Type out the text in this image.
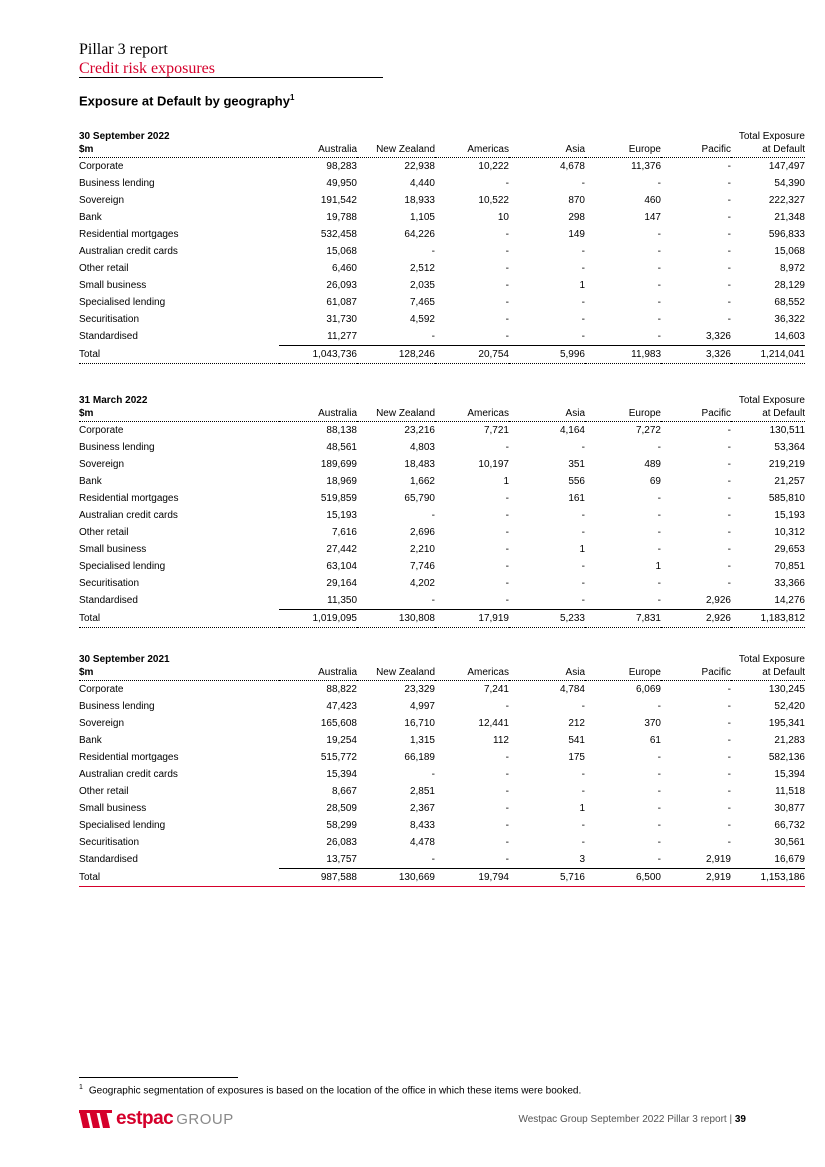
Pillar 3 report
Credit risk exposures
Exposure at Default by geography$^1$
30 September 2022							Total Exposure
$m	Australia	New Zealand	Americas	Asia	Europe	Pacific	at Default
Corporate	98,283	22,938	10,222	4,678	11,376	-	147,497
Business lending	49,950	4,440	-	-	-	-	54,390
Sovereign	191,542	18,933	10,522	870	460	-	222,327
Bank	19,788	1,105	10	298	147	-	21,348
Residential mortgages	532,458	64,226	-	149	-	-	596,833
Australian credit cards	15,068	-	-	-	-	-	15,068
Other retail	6,460	2,512	-	-	-	-	8,972
Small business	26,093	2,035	-	1	-	-	28,129
Specialised lending	61,087	7,465	-	-	-	-	68,552
Securitisation	31,730	4,592	-	-	-	-	36,322
Standardised	11,277	-	-	-	-	3,326	14,603
Total	1,043,736	128,246	20,754	5,996	11,983	3,326	1,214,041
31 March 2022							Total Exposure
$m	Australia	New Zealand	Americas	Asia	Europe	Pacific	at Default
Corporate	88,138	23,216	7,721	4,164	7,272	-	130,511
Business lending	48,561	4,803	-	-	-	-	53,364
Sovereign	189,699	18,483	10,197	351	489	-	219,219
Bank	18,969	1,662	1	556	69	-	21,257
Residential mortgages	519,859	65,790	-	161	-	-	585,810
Australian credit cards	15,193	-	-	-	-	-	15,193
Other retail	7,616	2,696	-	-	-	-	10,312
Small business	27,442	2,210	-	1	-	-	29,653
Specialised lending	63,104	7,746	-	-	1	-	70,851
Securitisation	29,164	4,202	-	-	-	-	33,366
Standardised	11,350	-	-	-	-	2,926	14,276
Total	1,019,095	130,808	17,919	5,233	7,831	2,926	1,183,812
30 September 2021							Total Exposure
$m	Australia	New Zealand	Americas	Asia	Europe	Pacific	at Default
Corporate	88,822	23,329	7,241	4,784	6,069	-	130,245
Business lending	47,423	4,997	-	-	-	-	52,420
Sovereign	165,608	16,710	12,441	212	370	-	195,341
Bank	19,254	1,315	112	541	61	-	21,283
Residential mortgages	515,772	66,189	-	175	-	-	582,136
Australian credit cards	15,394	-	-	-	-	-	15,394
Other retail	8,667	2,851	-	-	-	-	11,518
Small business	28,509	2,367	-	1	-	-	30,877
Specialised lending	58,299	8,433	-	-	-	-	66,732
Securitisation	26,083	4,478	-	-	-	-	30,561
Standardised	13,757	-	-	3	-	2,919	16,679
Total	987,588	130,669	19,794	5,716	6,500	2,919	1,153,186
$^1$ Geographic segmentation of exposures is based on the location of the office in which these items were booked.
estpac GROUP	Westpac Group September 2022 Pillar 3 report | 39
